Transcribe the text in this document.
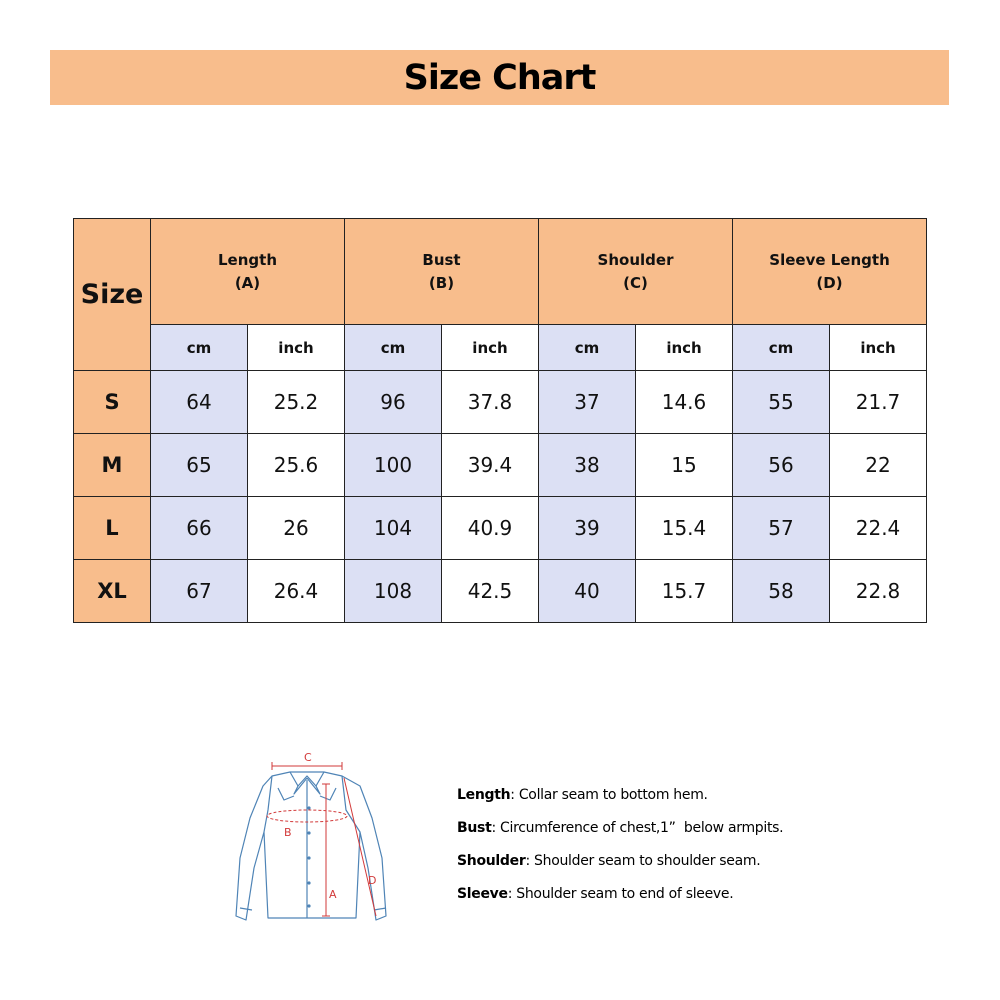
Size Chart
Size	Length
(A)		Bust
(B)		Shoulder
(C)		Sleeve Length
(D)	
	cm	inch	cm	inch	cm	inch	cm	inch
S	64	25.2	96	37.8	37	14.6	55	21.7
M	65	25.6	100	39.4	38	15	56	22
L	66	26	104	40.9	39	15.4	57	22.4
XL	67	26.4	108	42.5	40	15.7	58	22.8
C
B
A
D
Length : Collar seam to bottom hem.
Bust : Circumference of chest,1”  below armpits.
Shoulder : Shoulder seam to shoulder seam.
Sleeve : Shoulder seam to end of sleeve.
